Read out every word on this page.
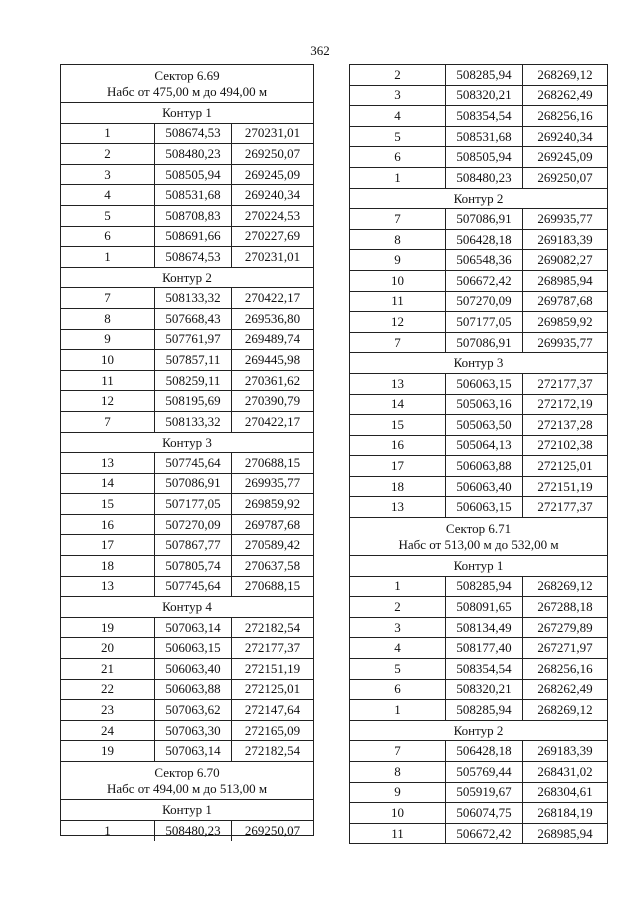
362
Сектор 6.69
Набс от 475,00 м до 494,00 м
Контур 1
1	508674,53	270231,01
2	508480,23	269250,07
3	508505,94	269245,09
4	508531,68	269240,34
5	508708,83	270224,53
6	508691,66	270227,69
1	508674,53	270231,01
Контур 2
7	508133,32	270422,17
8	507668,43	269536,80
9	507761,97	269489,74
10	507857,11	269445,98
11	508259,11	270361,62
12	508195,69	270390,79
7	508133,32	270422,17
Контур 3
13	507745,64	270688,15
14	507086,91	269935,77
15	507177,05	269859,92
16	507270,09	269787,68
17	507867,77	270589,42
18	507805,74	270637,58
13	507745,64	270688,15
Контур 4
19	507063,14	272182,54
20	506063,15	272177,37
21	506063,40	272151,19
22	506063,88	272125,01
23	507063,62	272147,64
24	507063,30	272165,09
19	507063,14	272182,54
Сектор 6.70
Набс от 494,00 м до 513,00 м
Контур 1
1	508480,23	269250,07
2	508285,94	268269,12
3	508320,21	268262,49
4	508354,54	268256,16
5	508531,68	269240,34
6	508505,94	269245,09
1	508480,23	269250,07
Контур 2
7	507086,91	269935,77
8	506428,18	269183,39
9	506548,36	269082,27
10	506672,42	268985,94
11	507270,09	269787,68
12	507177,05	269859,92
7	507086,91	269935,77
Контур 3
13	506063,15	272177,37
14	505063,16	272172,19
15	505063,50	272137,28
16	505064,13	272102,38
17	506063,88	272125,01
18	506063,40	272151,19
13	506063,15	272177,37
Сектор 6.71
Набс от 513,00 м до 532,00 м
Контур 1
1	508285,94	268269,12
2	508091,65	267288,18
3	508134,49	267279,89
4	508177,40	267271,97
5	508354,54	268256,16
6	508320,21	268262,49
1	508285,94	268269,12
Контур 2
7	506428,18	269183,39
8	505769,44	268431,02
9	505919,67	268304,61
10	506074,75	268184,19
11	506672,42	268985,94
